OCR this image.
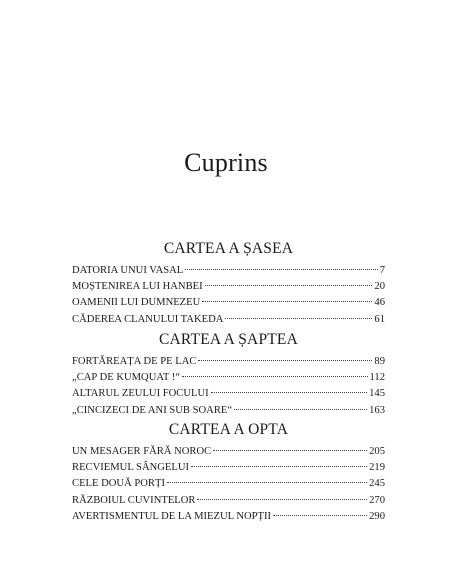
Cuprins
CARTEA A ȘASEA
DATORIA UNUI VASAL	7
MOȘTENIREA LUI HANBEI	20
OAMENII LUI DUMNEZEU	46
CĂDEREA CLANULUI TAKEDA	61
CARTEA A ȘAPTEA
FORTĂREAȚA DE PE LAC	89
„CAP DE KUMQUAT !“	112
ALTARUL ZEULUI FOCULUI	145
„CINCIZECI DE ANI SUB SOARE“	163
CARTEA A OPTA
UN MESAGER FĂRĂ NOROC	205
RECVIEMUL SÂNGELUI	219
CELE DOUĂ PORȚI	245
RĂZBOIUL CUVINTELOR	270
AVERTISMENTUL DE LA MIEZUL NOPȚII	290
